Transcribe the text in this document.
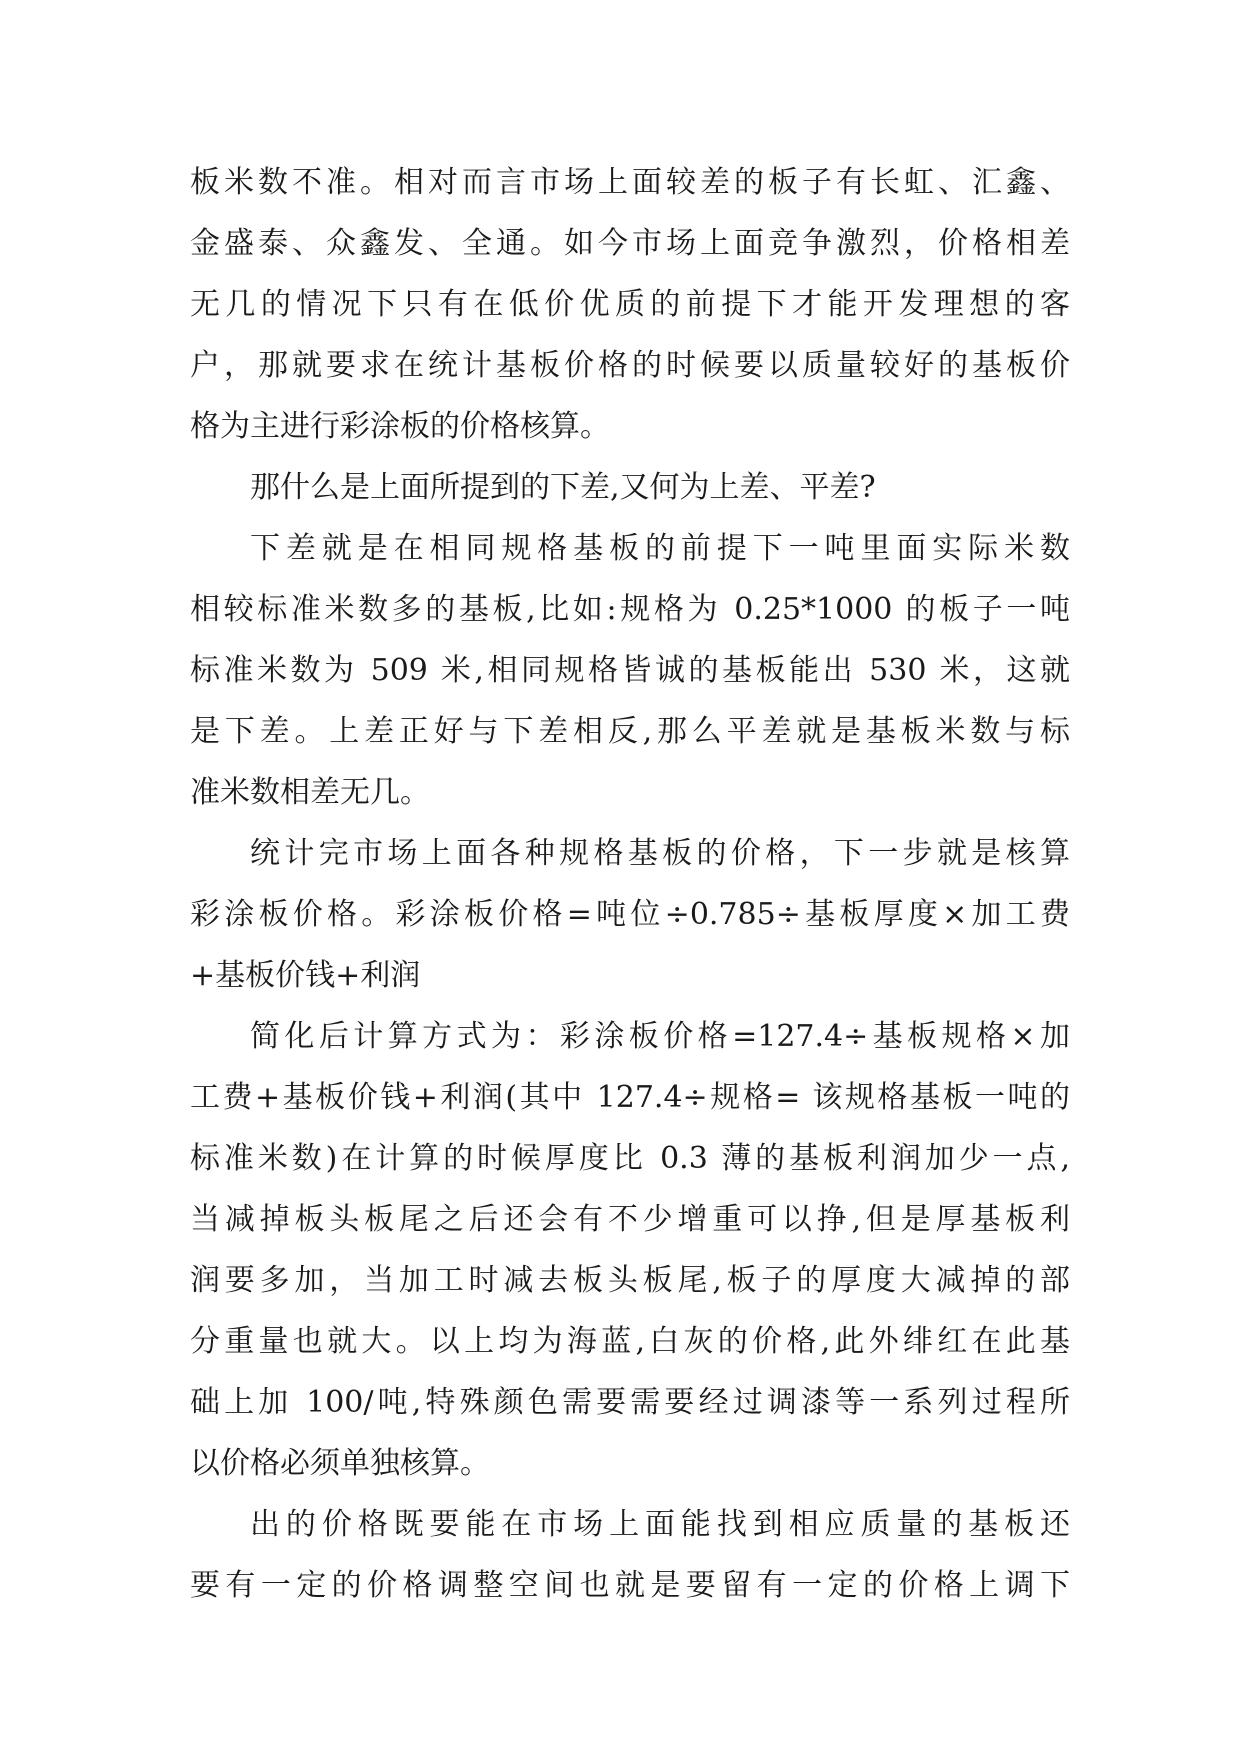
板米数不准。相对而言市场上面较差的板子有长虹、汇鑫、
金盛泰、众鑫发、全通。如今市场上面竞争激烈，价格相差
无几的情况下只有在低价优质的前提下才能开发理想的客
户，那就要求在统计基板价格的时候要以质量较好的基板价
格为主进行彩涂板的价格核算。
那什么是上面所提到的下差,又何为上差、平差?
下差就是在相同规格基板的前提下一吨里面实际米数
相较标准米数多的基板,比如:规格为 0.25*1000 的板子一吨
标准米数为 509 米,相同规格皆诚的基板能出 530 米，这就
是下差。上差正好与下差相反,那么平差就是基板米数与标
准米数相差无几。
统计完市场上面各种规格基板的价格，下一步就是核算
彩涂板价格。彩涂板价格=吨位÷0.785÷基板厚度×加工费
+基板价钱+利润
简化后计算方式为：彩涂板价格=127.4÷基板规格×加
工费+基板价钱+利润(其中 127.4÷规格= 该规格基板一吨的
标准米数)在计算的时候厚度比 0.3 薄的基板利润加少一点,
当减掉板头板尾之后还会有不少增重可以挣,但是厚基板利
润要多加，当加工时减去板头板尾,板子的厚度大减掉的部
分重量也就大。以上均为海蓝,白灰的价格,此外绯红在此基
础上加 100/吨,特殊颜色需要需要经过调漆等一系列过程所
以价格必须单独核算。
出的价格既要能在市场上面能找到相应质量的基板还
要有一定的价格调整空间也就是要留有一定的价格上调下
